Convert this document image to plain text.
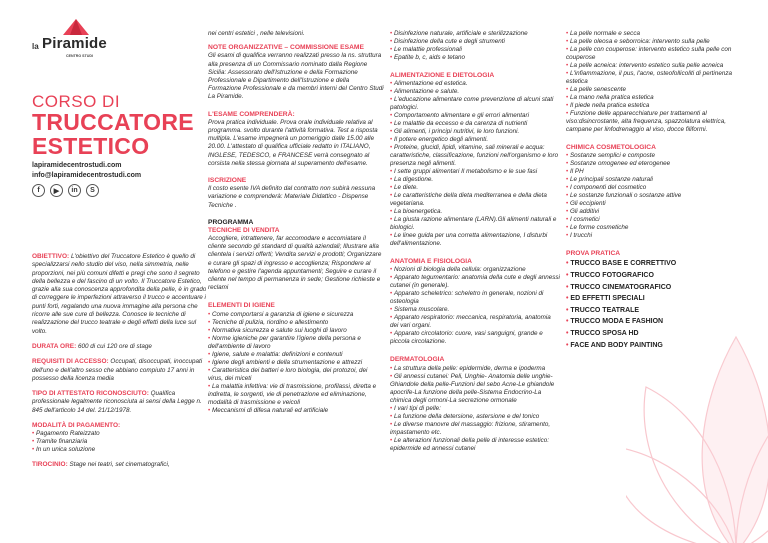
la Piramide
CENTRO STUDI
CORSO DI
TRUCCATORE
ESTETICO
lapiramidecentrostudi.com
info@lapiramidecentrostudi.com
f	▶	in	S

OBIETTIVO: L'obiettivo del Truccatore Estetico è quello di specializzarsi nello studio del viso, nella simmetria, nelle proporzioni, nei più comuni difetti e pregi che sono il segreto della bellezza e del fascino di un volto. Il Truccatore Estetico, grazie alla sua conoscenza approfondita della pelle, è in grado di correggere le imperfezioni attraverso il trucco e accentuare i punti forti, regalando una nuova immagine alla persona che ricorre alle sue cure di bellezza. Conosce le tecniche di realizzazione del trucco teatrale e degli effetti della luce sul volto.

DURATA ORE: 600 di cui 120 ore di stage

REQUISITI DI ACCESSO: Occupati, disoccupati, inoccupati dell'uno e dell'altro sesso che abbiano compiuto 17 anni in possesso della licenza media

TIPO DI ATTESTATO RICONOSCIUTO: Qualifica professionale legalmente riconosciuta ai sensi della Legge n. 845 dell'articolo 14 del. 21/12/1978.

MODALITÀ DI PAGAMENTO:

• Pagamento Rateizzato
• Tramite finanziaria
• In un unica soluzione

TIROCINIO: Stage nei teatri, set cinematografici,

nei centri estetici , nelle televisioni.

NOTE ORGANIZZATIVE – COMMISSIONE ESAME

Gli esami di qualifica verranno realizzati presso la ns. struttura alla presenza di un Commissario nominato dalla Regione Sicilia: Assessorato dell'Istruzione e della Formazione Professionale e Dipartimento dell'Istruzione e della Formazione Professionale e da membri interni del Centro Studi La Piramide.

L'ESAME COMPRENDERÀ:

Prova pratica individuale. Prova orale individuale relativa al programma. svolto durante l'attività formativa. Test a risposta multipla. L'esame impegnerà un pomeriggio dalle 15.00 alle 20.00. L'attestato di qualifica ufficiale redatto in ITALIANO, INGLESE, TEDESCO, e FRANCESE verrà consegnato al corsista nella stessa giornata al superamento dell'esame.

ISCRIZIONE

Il costo esente IVA definito dal contratto non subirà nessuna variazione e comprenderà: Materiale Didattico - Dispense Tecniche .

PROGRAMMA
TECNICHE DI VENDITA

Accogliere, intrattenere, far accomodare e accomiatare il cliente secondo gli standard di qualità aziendali; Illustrare alla clientela i servizi offerti; Vendita servizi e prodotti; Organizzare e curare gli spazi di ingresso e accoglienza; Rispondere al telefono e gestire l'agenda appuntamenti; Seguire e curare il cliente nel tempo di permanenza in sede; Gestione richieste e reclami

ELEMENTI DI IGIENE
• Come comportarsi a garanzia di igiene e sicurezza
• Tecniche di pulizia, riordino e allestimento
• Normativa sicurezza e salute sui luoghi di lavoro
• Norme igieniche per garantire l'igiene della persona e dell'ambiente di lavoro
• Igiene, salute e malattia: definizioni e contenuti
• Igiene degli ambienti e della strumentazione e attrezzi
• Caratteristica dei batteri e loro biologia, dei protozoi, dei virus, dei miceti
• La malattia infettiva: vie di trasmissione, profilassi, diretta e indiretta, le sorgenti, vie di penetrazione ed eliminazione, modalità di trasmissione e veicoli
• Meccanismi di difesa naturali ed artificiale
• Disinfezione naturale, artificiale e sterilizzazione
• Disinfezione della cute e degli strumenti
• Le malattie professionali
• Epatite b, c, aids e tetano
ALIMENTAZIONE E DIETOLOGIA
• Alimentazione ed estetica.
• Alimentazione e salute.
• L'educazione alimentare come prevenzione di alcuni stati patologici.
• Comportamento alimentare e gli errori alimentari
• Le malattie da eccesso e da carenza di nutrienti
• Gli alimenti, i principi nutritivi, le loro funzioni.
• Il potere energetico degli alimenti.
• Proteine, glucidi, lipidi, vitamine, sali minerali e acqua: caratteristiche, classificazione, funzioni nell'organismo e loro presenza negli alimenti.
• I sette gruppi alimentari Il metabolismo e le sue fasi
• La digestione.
• Le diete.
• Le caratteristiche della dieta mediterranea e della dieta vegetariana.
• La bioenergetica.
• La giusta razione alimentare (LARN).Gli alimenti naturali e biologici.
• Le linee guida per una corretta alimentazione, I disturbi dell'alimentazione.
ANATOMIA E FISIOLOGIA
• Nozioni di biologia della cellula: organizzazione
• Apparato tegumentario: anatomia della cute e degli annessi cutanei (in generale).
• Apparato scheletrico: scheletro in generale, nozioni di osteologia
• Sistema muscolare.
• Apparato respiratorio: meccanica, respiratoria, anatomia dei vari organi.
• Apparato circolatorio: cuore, vasi sanguigni, grande e piccola circolazione.
DERMATOLOGIA
• La struttura della pelle: epidermide, derma e ipoderma
• Gli annessi cutanei: Peli, Unghie- Anatomia delle unghie- Ghiandole della pelle-Funzioni del sebo Acne-Le ghiandole apocrife-La funzione della pelle-Sistema Endocrino-La chimica degli ormoni-La secrezione ormonale
• I vari tipi di pelle:
• La funzione della detersione, astersione e del tonico
• Le diverse manovre del massaggio: frizione, stiramento, impastamento etc.
• Le alterazioni funzionali della pelle di interesse estetico: epidermide ed annessi cutanei
• La pelle normale e secca
• La pelle oleosa e seborroica: intervento sulla pelle
• La pelle con couperose: intervento estetico sulla pelle con couperose
• La pelle acneica: intervento estetico sulla pelle acneica
• L'infiammazione, il pus, l'acne, osteofollicoliti di pertinenza estetica
• La pelle senescente
• La mano nella pratica estetica
• Il piede nella pratica estetica
• Funzione delle apparecchiature per trattamenti al viso:disincrostante, alta frequenza, spazzolatura elettrica, campane per linfodrenaggio al viso, docce filiformi.
CHIMICA COSMETOLOGICA
• Sostanze semplici e composte
• Sostanze omogenee ed eterogenee
• Il PH
• Le principali sostanze naturali
• I componenti del cosmetico
• Le sostanze funzionali o sostanze attive
• Gli eccipienti
• Gli additivi
• I cosmetici
• Le forme cosmetiche
• I trucchi
PROVA PRATICA
• TRUCCO BASE E CORRETTIVO
• TRUCCO FOTOGRAFICO
• TRUCCO CINEMATOGRAFICO
• ED EFFETTI SPECIALI
• TRUCCO TEATRALE
• TRUCCO MODA E FASHION
• TRUCCO SPOSA HD
• FACE AND BODY PAINTING
